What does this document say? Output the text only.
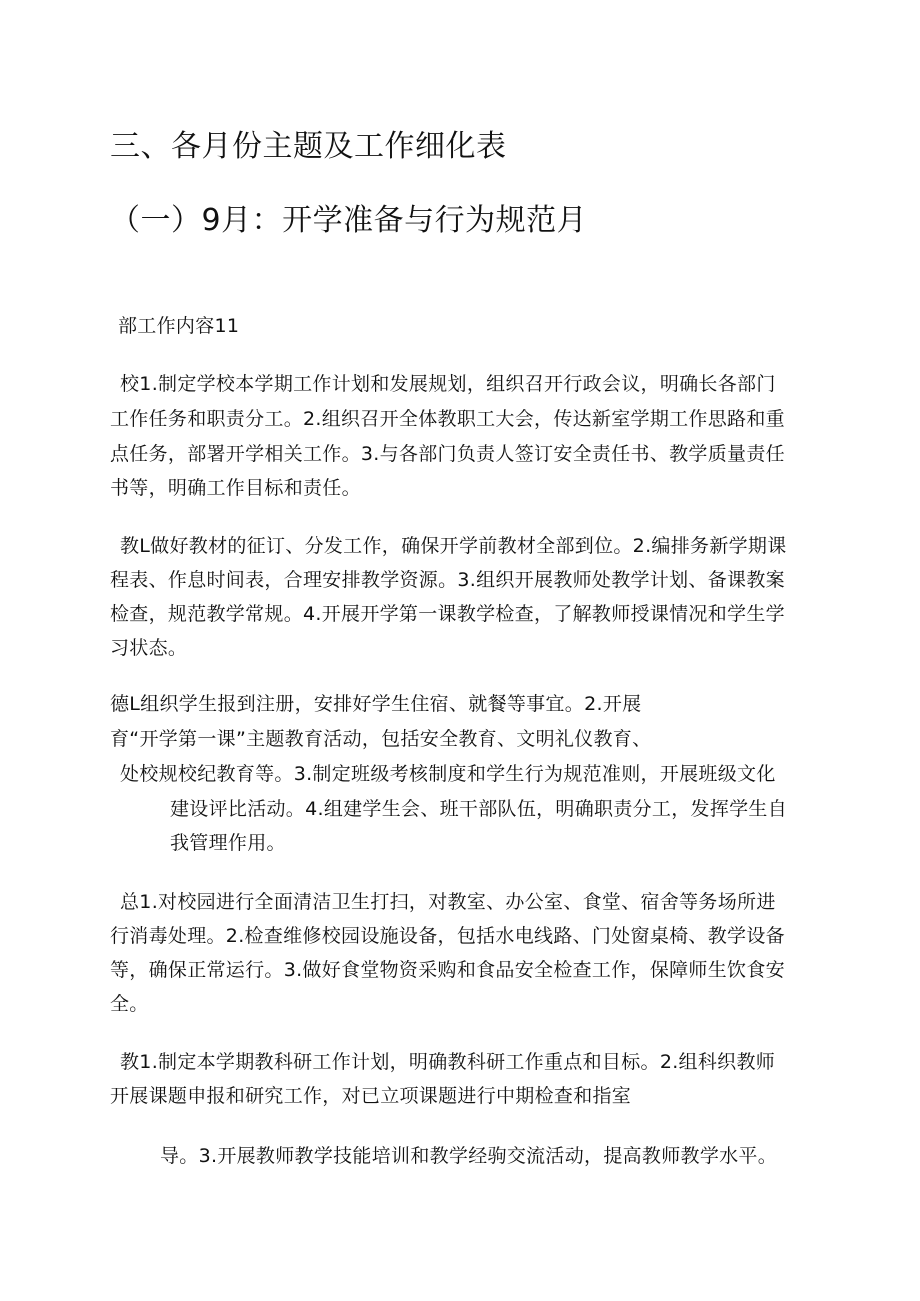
三、各月份主题及工作细化表
（一）9月：开学准备与行为规范月
部工作内容11
校1.制定学校本学期工作计划和发展规划，组织召开行政会议，明确长各部门
工作任务和职责分工。2.组织召开全体教职工大会，传达新室学期工作思路和重
点任务，部署开学相关工作。3.与各部门负责人签订安全责任书、教学质量责任
书等，明确工作目标和责任。
教L做好教材的征订、分发工作，确保开学前教材全部到位。2.编排务新学期课
程表、作息时间表，合理安排教学资源。3.组织开展教师处教学计划、备课教案
检查，规范教学常规。4.开展开学第一课教学检查，了解教师授课情况和学生学
习状态。
德L组织学生报到注册，安排好学生住宿、就餐等事宜。2.开展
育“开学第一课”主题教育活动，包括安全教育、文明礼仪教育、
处校规校纪教育等。3.制定班级考核制度和学生行为规范准则，开展班级文化
建设评比活动。4.组建学生会、班干部队伍，明确职责分工，发挥学生自
我管理作用。
总1.对校园进行全面清洁卫生打扫，对教室、办公室、食堂、宿舍等务场所进
行消毒处理。2.检查维修校园设施设备，包括水电线路、门处窗桌椅、教学设备
等，确保正常运行。3.做好食堂物资采购和食品安全检查工作，保障师生饮食安
全。
教1.制定本学期教科研工作计划，明确教科研工作重点和目标。2.组科织教师
开展课题申报和研究工作，对已立项课题进行中期检查和指室
导。3.开展教师教学技能培训和教学经驹交流活动，提高教师教学水平。
